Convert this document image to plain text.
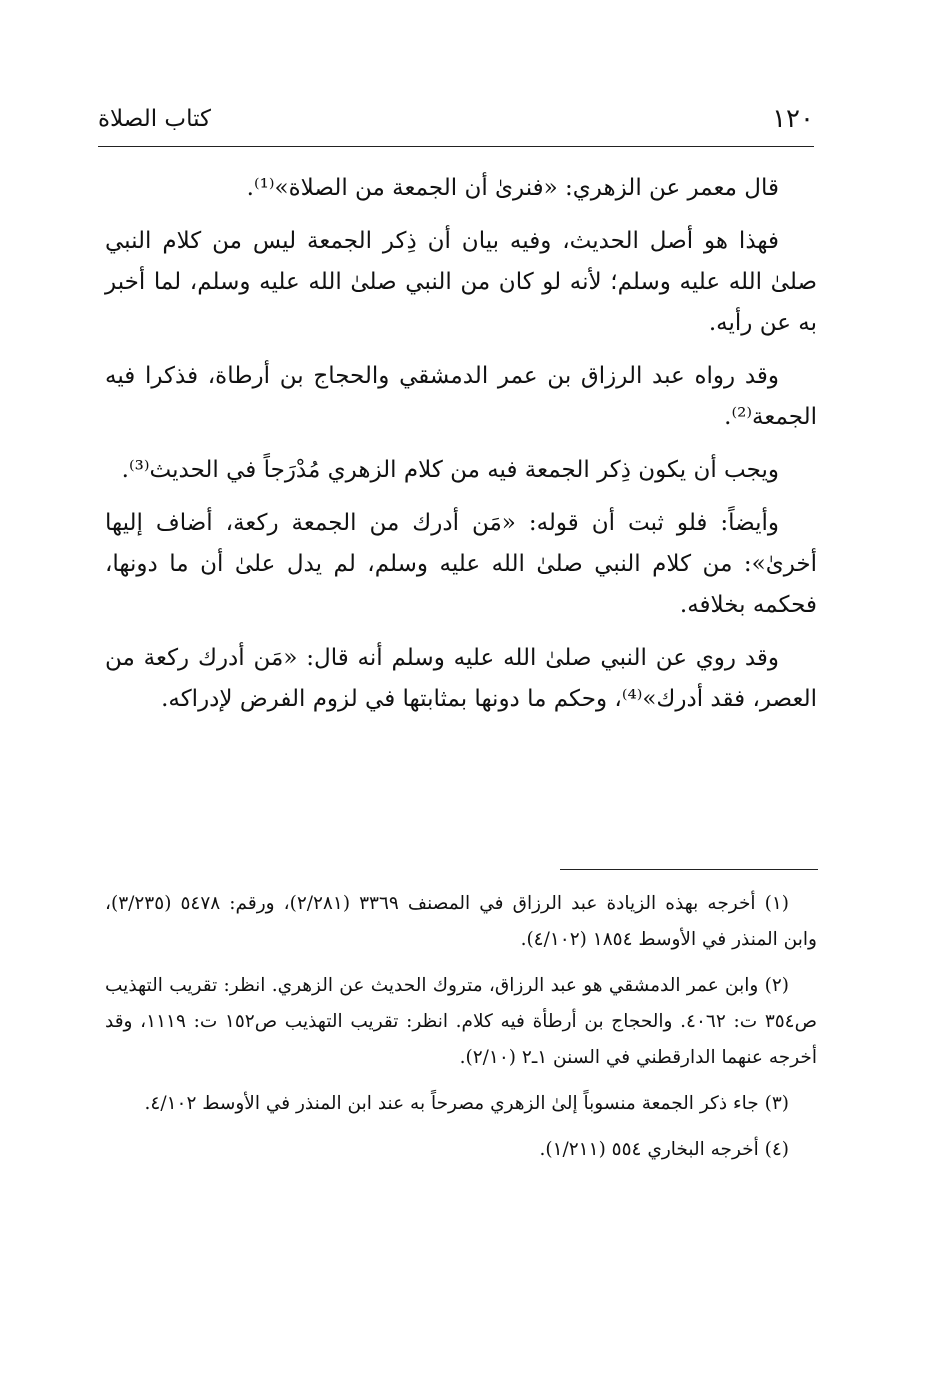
١٢٠
كتاب الصلاة

قال معمر عن الزهري: «فنرىٰ أن الجمعة من الصلاة»⁽¹⁾.

فهذا هو أصل الحديث، وفيه بيان أن ذِكر الجمعة ليس من كلام النبي صلىٰ الله عليه وسلم؛ لأنه لو كان من النبي صلىٰ الله عليه وسلم، لما أخبر به عن رأيه.

وقد رواه عبد الرزاق بن عمر الدمشقي والحجاج بن أرطاة، فذكرا فيه الجمعة⁽²⁾.

ويجب أن يكون ذِكر الجمعة فيه من كلام الزهري مُدْرَجاً في الحديث⁽³⁾.

وأيضاً: فلو ثبت أن قوله: «مَن أدرك من الجمعة ركعة، أضاف إليها أخرىٰ»: من كلام النبي صلىٰ الله عليه وسلم، لم يدل علىٰ أن ما دونها، فحكمه بخلافه.

وقد روي عن النبي صلىٰ الله عليه وسلم أنه قال: «مَن أدرك ركعة من العصر، فقد أدرك»⁽⁴⁾، وحكم ما دونها بمثابتها في لزوم الفرض لإدراكه.

(١) أخرجه بهذه الزيادة عبد الرزاق في المصنف ٣٣٦٩ (٢/٢٨١)، ورقم: ٥٤٧٨ (٣/٢٣٥)، وابن المنذر في الأوسط ١٨٥٤ (٤/١٠٢).

(٢) وابن عمر الدمشقي هو عبد الرزاق، متروك الحديث عن الزهري. انظر: تقريب التهذيب ص٣٥٤ ت: ٤٠٦٢. والحجاج بن أرطأة فيه كلام. انظر: تقريب التهذيب ص١٥٢ ت: ١١١٩، وقد أخرجه عنهما الدارقطني في السنن ١ـ٢ (٢/١٠).

(٣) جاء ذكر الجمعة منسوباً إلىٰ الزهري مصرحاً به عند ابن المنذر في الأوسط ٤/١٠٢.

(٤) أخرجه البخاري ٥٥٤ (١/٢١١).
